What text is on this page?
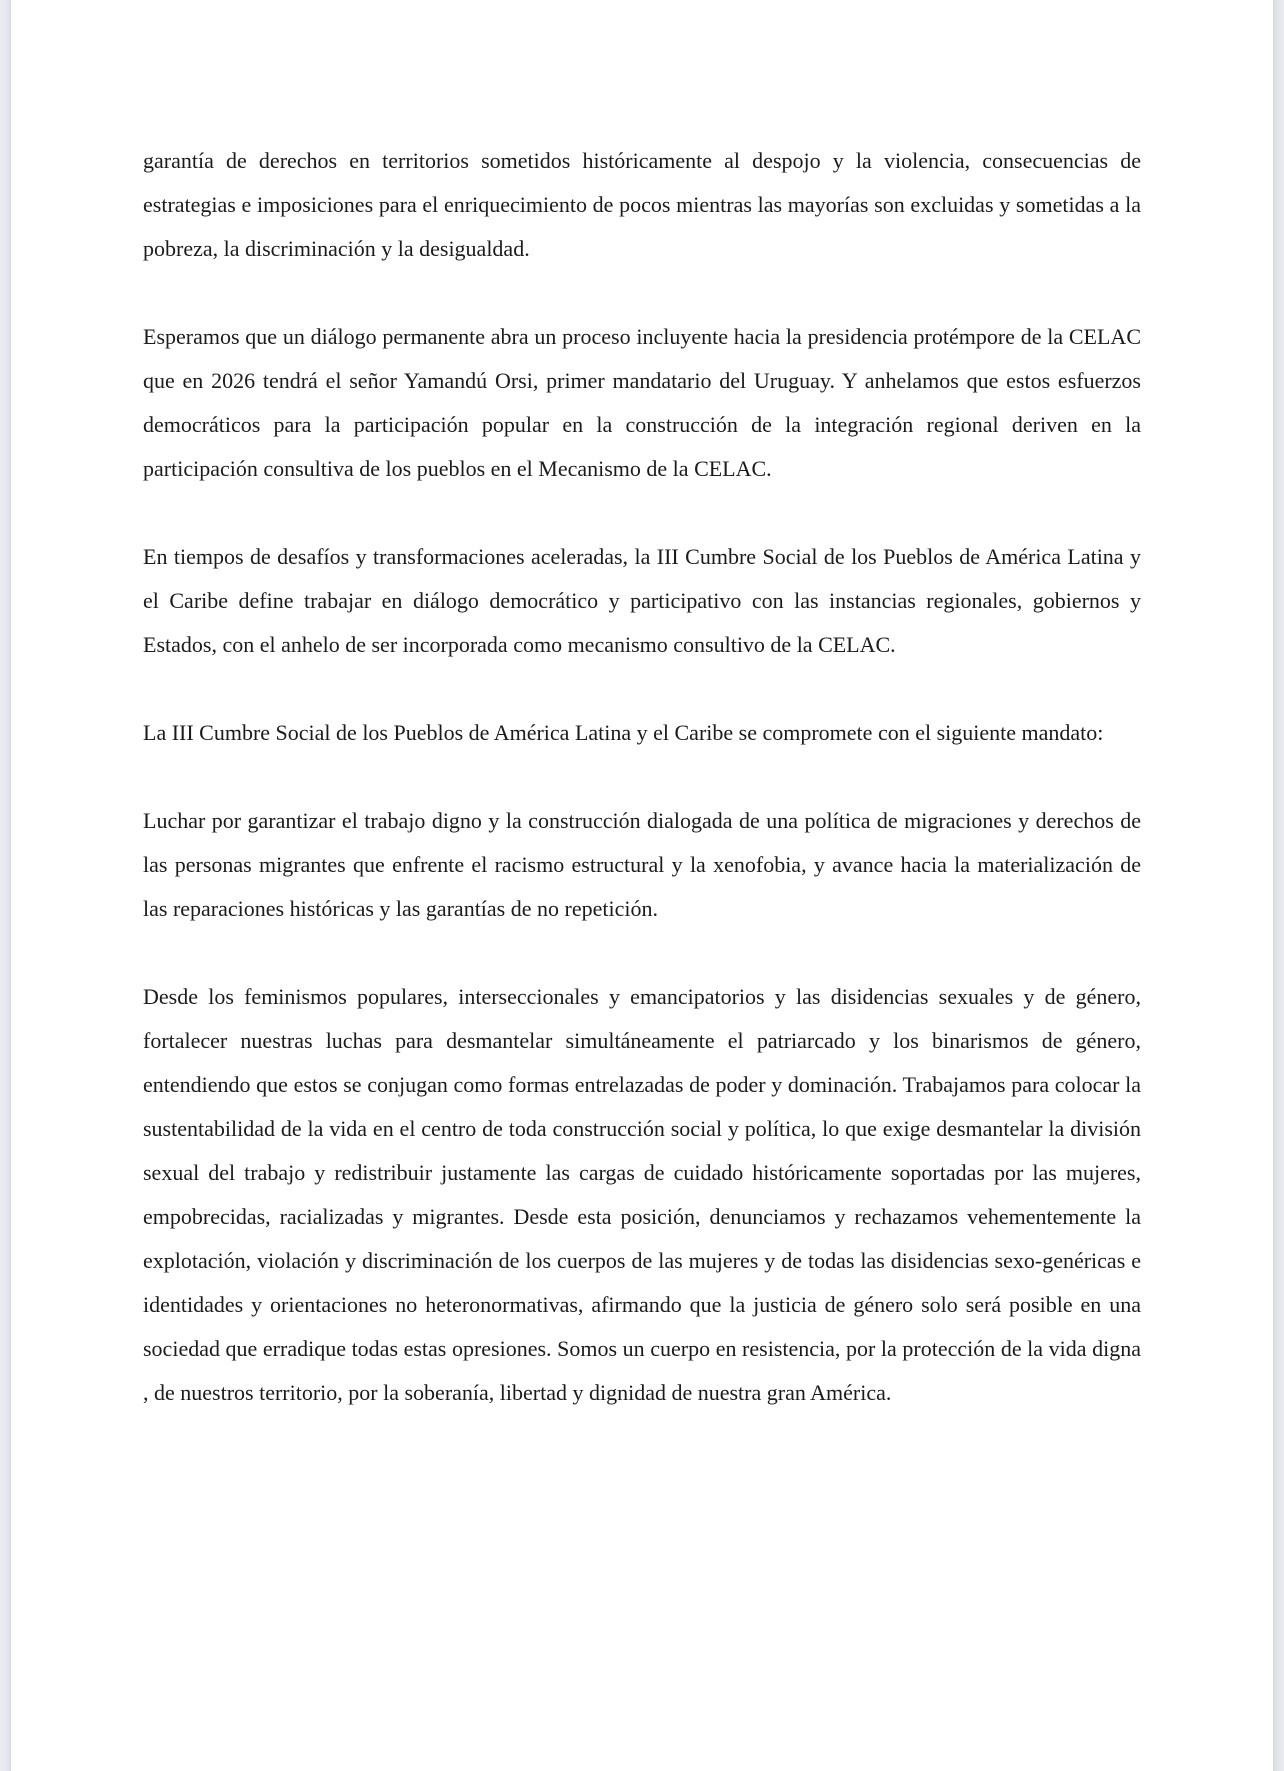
garantía de derechos en territorios sometidos históricamente al despojo y la violencia, consecuencias de estrategias e imposiciones para el enriquecimiento de pocos mientras las mayorías son excluidas y sometidas a la pobreza, la discriminación y la desigualdad.

Esperamos que un diálogo permanente abra un proceso incluyente hacia la presidencia protémpore de la CELAC que en 2026 tendrá el señor Yamandú Orsi, primer mandatario del Uruguay. Y anhelamos que estos esfuerzos democráticos para la participación popular en la construcción de la integración regional deriven en la participación consultiva de los pueblos en el Mecanismo de la CELAC.

En tiempos de desafíos y transformaciones aceleradas, la III Cumbre Social de los Pueblos de América Latina y el Caribe define trabajar en diálogo democrático y participativo con las instancias regionales, gobiernos y Estados, con el anhelo de ser incorporada como mecanismo consultivo de la CELAC.

La III Cumbre Social de los Pueblos de América Latina y el Caribe se compromete con el siguiente mandato:

Luchar por garantizar el trabajo digno y la construcción dialogada de una política de migraciones y derechos de las personas migrantes que enfrente el racismo estructural y la xenofobia, y avance hacia la materialización de las reparaciones históricas y las garantías de no repetición.

Desde los feminismos populares, interseccionales y emancipatorios y las disidencias sexuales y de género, fortalecer nuestras luchas para desmantelar simultáneamente el patriarcado y los binarismos de género, entendiendo que estos se conjugan como formas entrelazadas de poder y dominación. Trabajamos para colocar la sustentabilidad de la vida en el centro de toda construcción social y política, lo que exige desmantelar la división sexual del trabajo y redistribuir justamente las cargas de cuidado históricamente soportadas por las mujeres, empobrecidas, racializadas y migrantes. Desde esta posición, denunciamos y rechazamos vehementemente la explotación, violación y discriminación de los cuerpos de las mujeres y de todas las disidencias sexo-genéricas e identidades y orientaciones no heteronormativas, afirmando que la justicia de género solo será posible en una sociedad que erradique todas estas opresiones. Somos un cuerpo en resistencia, por la protección de la vida digna , de nuestros territorio, por la soberanía, libertad y dignidad de nuestra gran América.
